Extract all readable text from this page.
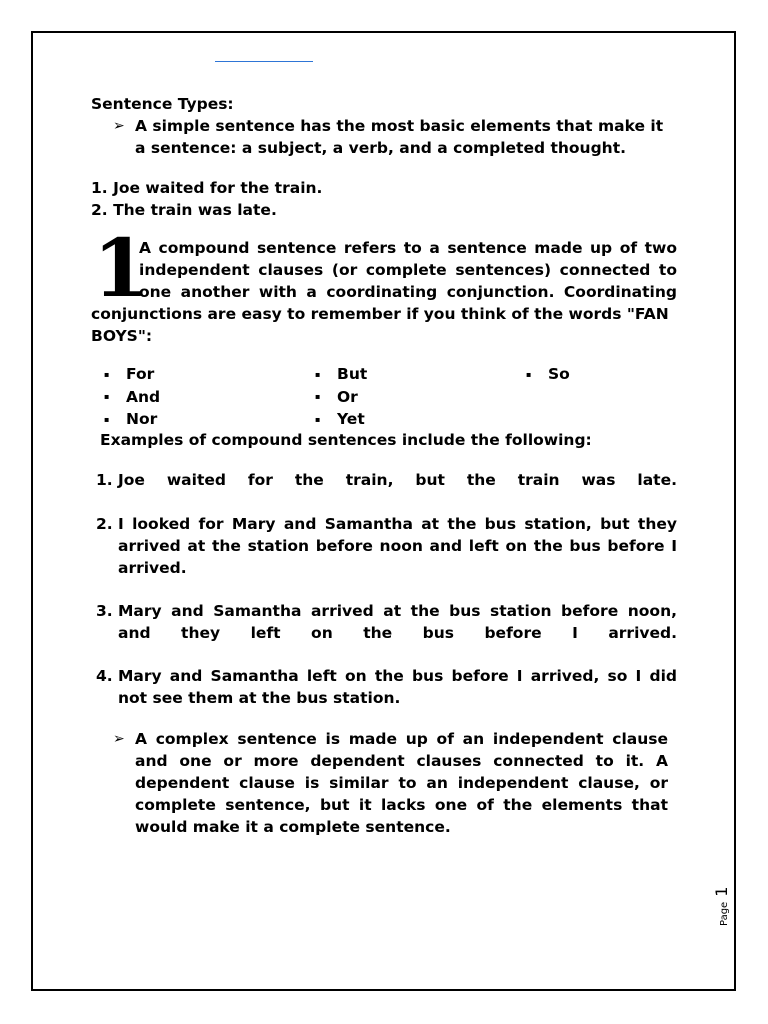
Sentence Types:
➢ A simple sentence has the most basic elements that make it a sentence: a subject, a verb, and a completed thought.
1. Joe waited for the train.
2. The train was late.
1
A compound sentence refers to a sentence made up of two
independent clauses (or complete sentences) connected to
one another with a coordinating conjunction. Coordinating
conjunctions are easy to remember if you think of the words "FAN BOYS":
▪ For
▪ And
▪ Nor
▪ But
▪ Or
▪ Yet
▪ So
Examples of compound sentences include the following:
1. Joe waited for the train, but the train was late.
2. I looked for Mary and Samantha at the bus station, but they arrived at the station before noon and left on the bus before I arrived.
3. Mary and Samantha arrived at the bus station before noon, and they left on the bus before I arrived.
4. Mary and Samantha left on the bus before I arrived, so I did not see them at the bus station.
➢ A complex sentence is made up of an independent clause and one or more dependent clauses connected to it. A dependent clause is similar to an independent clause, or complete sentence, but it lacks one of the elements that would make it a complete sentence.
Page 1
